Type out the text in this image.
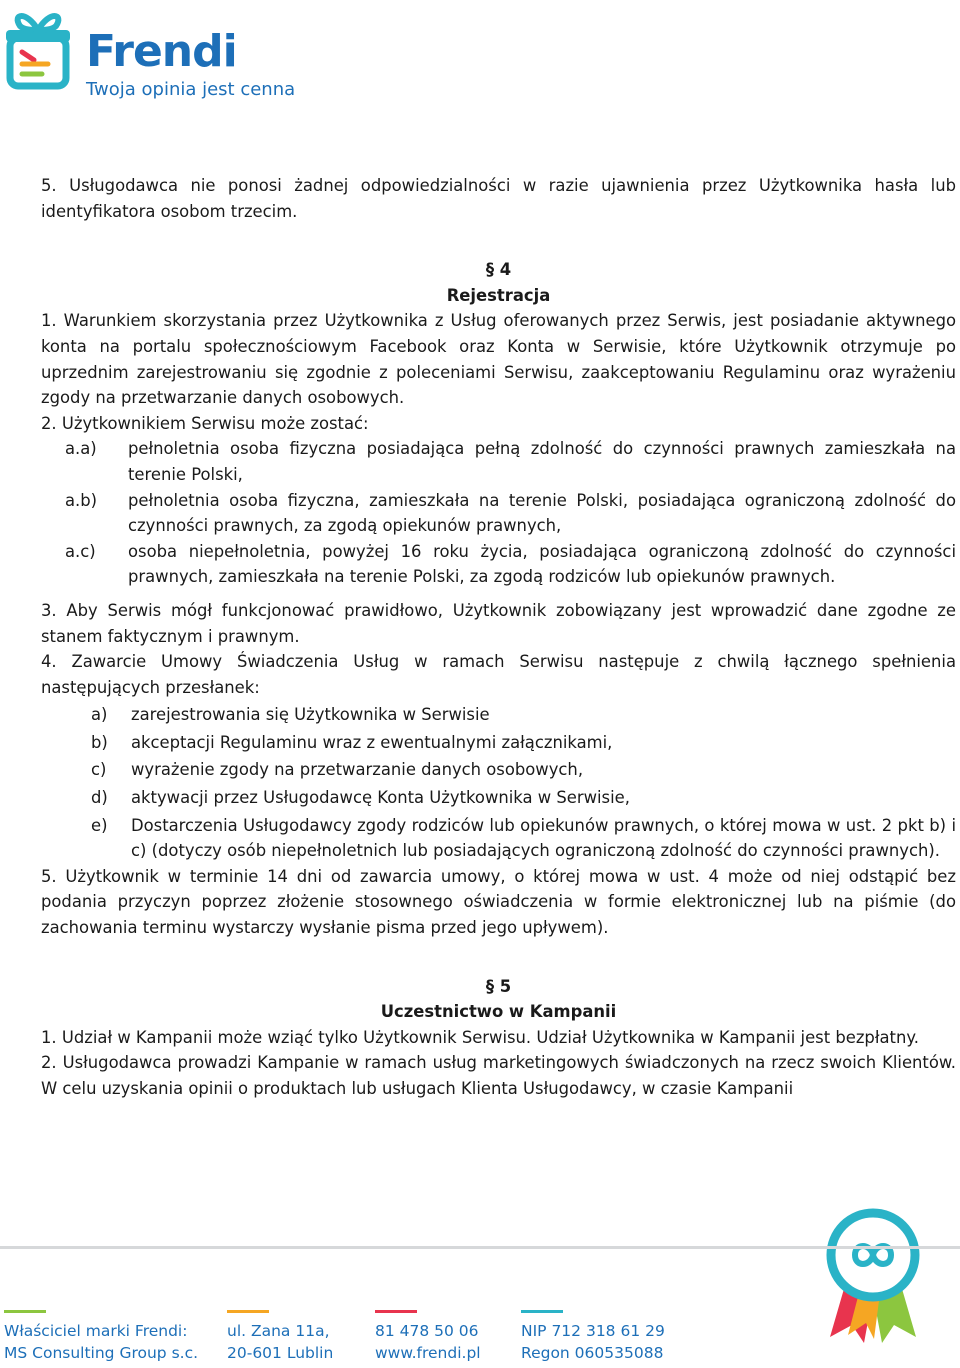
Frendi
Twoja opinia jest cenna

5. Usługodawca nie ponosi żadnej odpowiedzialności w razie ujawnienia przez Użytkownika hasła lub identyfikatora osobom trzecim.

§ 4
Rejestracja

1. Warunkiem skorzystania przez Użytkownika z Usług oferowanych przez Serwis, jest posiadanie aktywnego konta na portalu społecznościowym Facebook oraz Konta w Serwisie, które Użytkownik otrzymuje po uprzednim zarejestrowaniu się zgodnie z poleceniami Serwisu, zaakceptowaniu Regulaminu oraz wyrażeniu zgody na przetwarzanie danych osobowych.

2. Użytkownikiem Serwisu może zostać:

a.a)	pełnoletnia osoba fizyczna posiadająca pełną zdolność do czynności prawnych zamieszkała na terenie Polski,
a.b)	pełnoletnia osoba fizyczna, zamieszkała na terenie Polski, posiadająca ograniczoną zdolność do czynności prawnych, za zgodą opiekunów prawnych,
a.c)	osoba niepełnoletnia, powyżej 16 roku życia, posiadająca ograniczoną zdolność do czynności prawnych, zamieszkała na terenie Polski, za zgodą rodziców lub opiekunów prawnych.

3. Aby Serwis mógł funkcjonować prawidłowo, Użytkownik zobowiązany jest wprowadzić dane zgodne ze stanem faktycznym i prawnym.

4. Zawarcie Umowy Świadczenia Usług w ramach Serwisu następuje z chwilą łącznego spełnienia następujących przesłanek:

a)	zarejestrowania się Użytkownika w Serwisie
b)	akceptacji Regulaminu wraz z ewentualnymi załącznikami,
c)	wyrażenie zgody na przetwarzanie danych osobowych,
d)	aktywacji przez Usługodawcę Konta Użytkownika w Serwisie,
e)	Dostarczenia Usługodawcy zgody rodziców lub opiekunów prawnych, o której mowa w ust. 2 pkt b) i c) (dotyczy osób niepełnoletnich lub posiadających ograniczoną zdolność do czynności prawnych).

5. Użytkownik w terminie 14 dni od zawarcia umowy, o której mowa w ust. 4 może od niej odstąpić bez podania przyczyn poprzez złożenie stosownego oświadczenia w formie elektronicznej lub na piśmie (do zachowania terminu wystarczy wysłanie pisma przed jego upływem).

§ 5
Uczestnictwo w Kampanii

1. Udział w Kampanii może wziąć tylko Użytkownik Serwisu. Udział Użytkownika w Kampanii jest bezpłatny.

2. Usługodawca prowadzi Kampanie w ramach usług marketingowych świadczonych na rzecz swoich Klientów. W celu uzyskania opinii o produktach lub usługach Klienta Usługodawcy, w czasie Kampanii

Właściciel marki Frendi:
MS Consulting Group s.c.
ul. Zana 11a,
20-601 Lublin
81 478 50 06
www.frendi.pl
NIP 712 318 61 29
Regon 060535088
